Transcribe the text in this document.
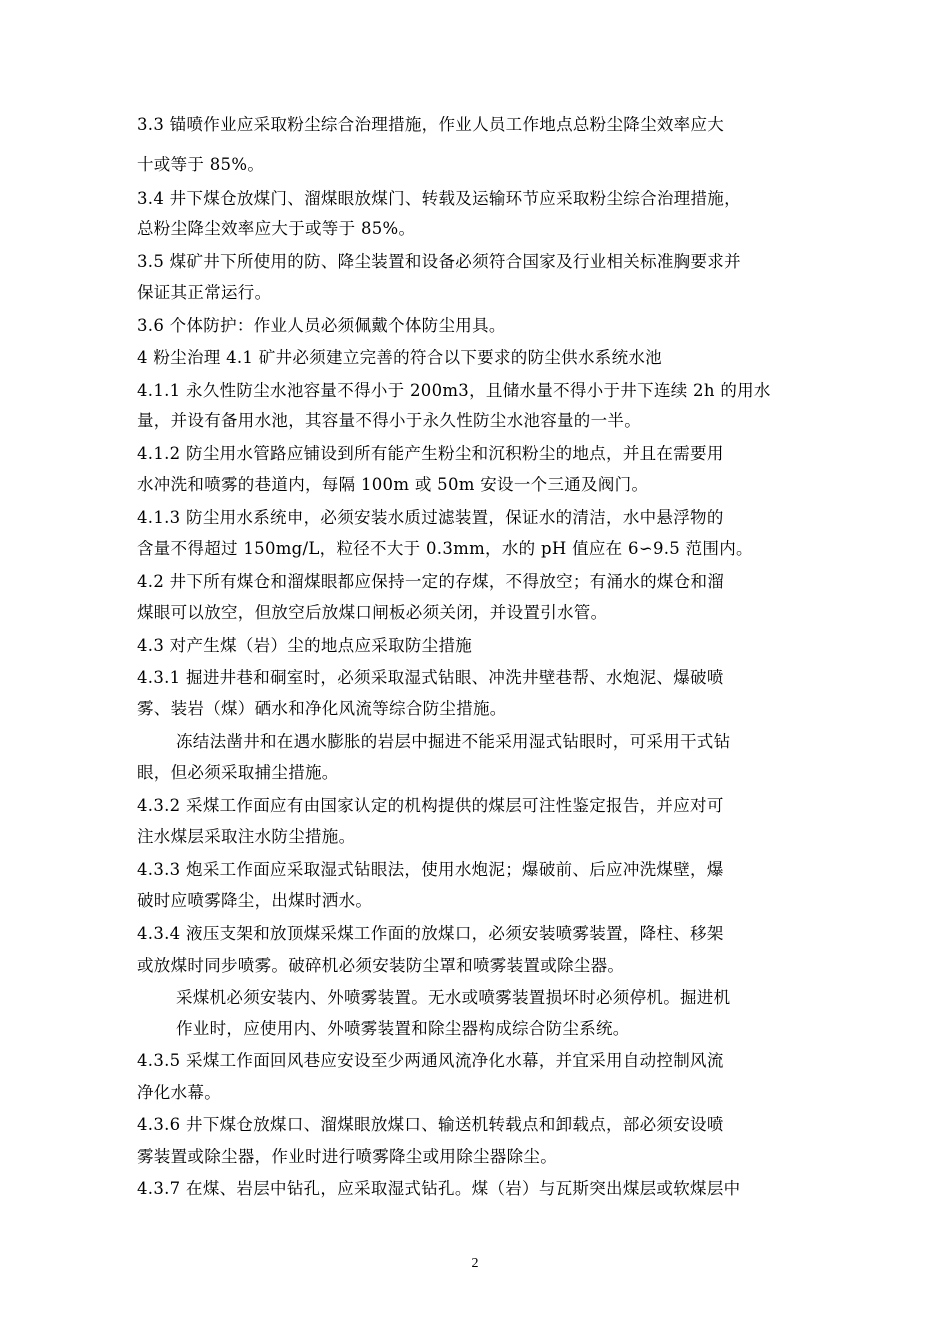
3.3 锚喷作业应采取粉尘综合治理措施，作业人员工作地点总粉尘降尘效率应大
十或等于 85%。
3.4 井下煤仓放煤门、溜煤眼放煤门、转载及运输环节应采取粉尘综合治理措施，
总粉尘降尘效率应大于或等于 85%。
3.5 煤矿井下所使用的防、降尘装置和设备必须符合国家及行业相关标准胸要求并
保证其正常运行。
3.6 个体防护：作业人员必须佩戴个体防尘用具。
4 粉尘治理 4.1 矿井必须建立完善的符合以下要求的防尘供水系统水池
4.1.1 永久性防尘水池容量不得小于 200m3，且储水量不得小于井下连续 2h 的用水
量，并设有备用水池，其容量不得小于永久性防尘水池容量的一半。
4.1.2 防尘用水管路应铺设到所有能产生粉尘和沉积粉尘的地点，并且在需要用
水冲洗和喷雾的巷道内，每隔 100m 或 50m 安设一个三通及阀门。
4.1.3 防尘用水系统申，必须安装水质过滤装置，保证水的清洁，水中悬浮物的
含量不得超过 150mg/L，粒径不大于 0.3mm，水的 pH 值应在 6∽9.5 范围内。
4.2 井下所有煤仓和溜煤眼都应保持一定的存煤，不得放空；有涌水的煤仓和溜
煤眼可以放空，但放空后放煤口闸板必须关闭，并设置引水管。
4.3 对产生煤（岩）尘的地点应采取防尘措施
4.3.1 掘进井巷和硐室时，必须采取湿式钻眼、冲洗井壁巷帮、水炮泥、爆破喷
雾、装岩（煤）硒水和净化风流等综合防尘措施。
冻结法凿井和在遇水膨胀的岩层中掘进不能采用湿式钻眼时，可采用干式钻
眼，但必须采取捕尘措施。
4.3.2 采煤工作面应有由国家认定的机构提供的煤层可注性鉴定报告，并应对可
注水煤层采取注水防尘措施。
4.3.3 炮采工作面应采取湿式钻眼法，使用水炮泥；爆破前、后应冲洗煤壁，爆
破时应喷雾降尘，出煤时洒水。
4.3.4 液压支架和放顶煤采煤工作面的放煤口，必须安装喷雾装置，降柱、移架
或放煤时同步喷雾。破碎机必须安装防尘罩和喷雾装置或除尘器。
采煤机必须安装内、外喷雾装置。无水或喷雾装置损坏时必须停机。掘进机
作业时，应使用内、外喷雾装置和除尘器构成综合防尘系统。
4.3.5 采煤工作面回风巷应安设至少两通风流净化水幕，并宜采用自动控制风流
净化水幕。
4.3.6 井下煤仓放煤口、溜煤眼放煤口、输送机转载点和卸载点，部必须安设喷
雾装置或除尘器，作业时进行喷雾降尘或用除尘器除尘。
4.3.7 在煤、岩层中钻孔，应采取湿式钻孔。煤（岩）与瓦斯突出煤层或软煤层中
2
